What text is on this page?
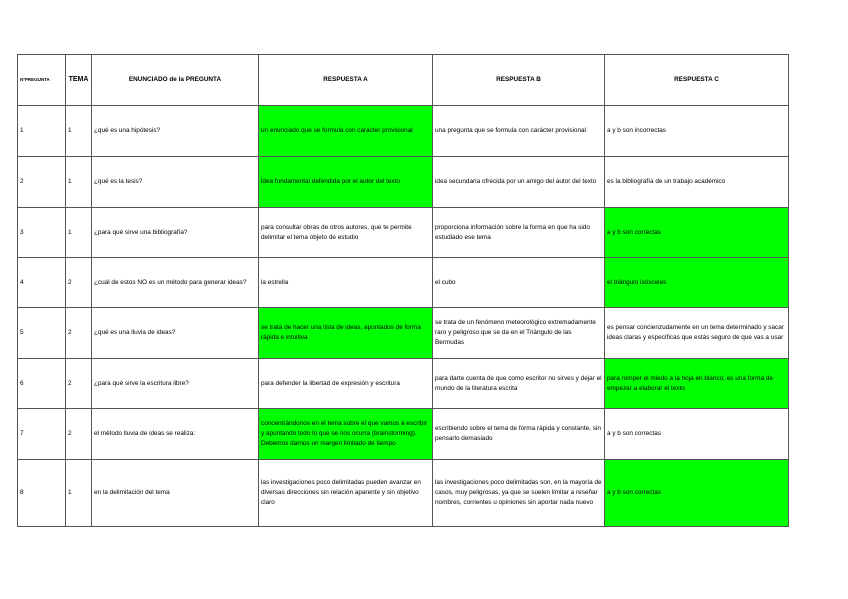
NºPREGUNTA	TEMA	ENUNCIADO de la PREGUNTA	RESPUESTA A	RESPUESTA B	RESPUESTA C
1	1	¿qué es una hipótesis?	un enunciado que se formula con carácter provisional	una pregunta que se formula con carácter provisional	a y b son incorrectas
2	1	¿qué es la tesis?	idea fundamental defendida por el autor del texto	idea secundaria ofrecida por un amigo del autor del texto	es la bibliografía de un trabajo académico
3	1	¿para qué sirve una bibliografía?	para consultar obras de otros autores, que te permite delimitar el tema objeto de estudio	proporciona información sobre la forma en que ha sido estudiado ese tema	a y b son correctas
4	2	¿cuál de estos NO es un método para generar ideas?	la estrella	el cubo	el triángulo isósceles
5	2	¿qué es una lluvia de ideas?	se trata de hacer una lista de ideas, apuntados de forma rápida e intuitiva	se trata de un fenómeno meteorológico extremadamente raro y peligroso que se da en el Triángulo de las Bermudas	es pensar concienzudamente en un tema determinado y sacar ideas claras y específicas que estás seguro de que vas a usar
6	2	¿para qué sirve la escritura libre?	para defender la libertad de expresión y escritura	para darte cuenta de que como escritor no sirves y dejar el mundo de la literatura escrita	para romper el miedo a la hoja en blanco; es una forma de empezar a elaborar el texto
7	2	el método lluvia de ideas se realiza:	concentrándonos en el tema sobre el que vamos a escribir y apuntando todo lo que se nos ocurra (brainstorming). Debemos darnos un margen limitado de tiempo	escribiendo sobre el tema de forma rápida y constante, sin pensarlo demasiado	a y b son correctas
8	1	en la delimitación del tema	las investigaciones poco delimitadas pueden avanzar en diversas direcciones sin relación aparente y sin objetivo claro	las investigaciones poco delimitadas son, en la mayoría de casos, muy peligrosas, ya que se suelen limitar a reseñar nombres, corrientes u opiniones sin aportar nada nuevo	a y b son correctas
